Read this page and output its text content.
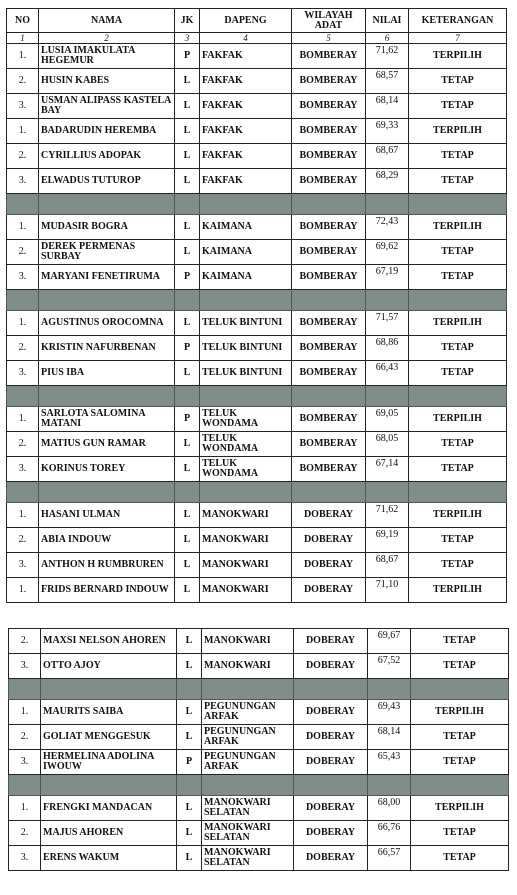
NO	NAMA	JK	DAPENG	WILAYAH ADAT	NILAI	KETERANGAN
1	2	3	4	5	6	7
1.	LUSIA IMAKULATA HEGEMUR	P	FAKFAK	BOMBERAY	71,62	TERPILIH
2.	HUSIN KABES	L	FAKFAK	BOMBERAY	68,57	TETAP
3.	USMAN ALIPASS KASTELA BAY	L	FAKFAK	BOMBERAY	68,14	TETAP
1.	BADARUDIN HEREMBA	L	FAKFAK	BOMBERAY	69,33	TERPILIH
2.	CYRILLIUS ADOPAK	L	FAKFAK	BOMBERAY	68,67	TETAP
3.	ELWADUS TUTUROP	L	FAKFAK	BOMBERAY	68,29	TETAP

1.	MUDASIR BOGRA	L	KAIMANA	BOMBERAY	72,43	TERPILIH
2.	DEREK PERMENAS SURBAY	L	KAIMANA	BOMBERAY	69,62	TETAP
3.	MARYANI FENETIRUMA	P	KAIMANA	BOMBERAY	67,19	TETAP

1.	AGUSTINUS OROCOMNA	L	TELUK BINTUNI	BOMBERAY	71,57	TERPILIH
2.	KRISTIN NAFURBENAN	P	TELUK BINTUNI	BOMBERAY	68,86	TETAP
3.	PIUS IBA	L	TELUK BINTUNI	BOMBERAY	66,43	TETAP

1.	SARLOTA SALOMINA MATANI	P	TELUK WONDAMA	BOMBERAY	69,05	TERPILIH
2.	MATIUS GUN RAMAR	L	TELUK WONDAMA	BOMBERAY	68,05	TETAP
3.	KORINUS TOREY	L	TELUK WONDAMA	BOMBERAY	67,14	TETAP

1.	HASANI ULMAN	L	MANOKWARI	DOBERAY	71,62	TERPILIH
2.	ABIA INDOUW	L	MANOKWARI	DOBERAY	69,19	TETAP
3.	ANTHON H RUMBRUREN	L	MANOKWARI	DOBERAY	68,67	TETAP
1.	FRIDS BERNARD INDOUW	L	MANOKWARI	DOBERAY	71,10	TERPILIH
2.	MAXSI NELSON AHOREN	L	MANOKWARI	DOBERAY	69,67	TETAP
3.	OTTO AJOY	L	MANOKWARI	DOBERAY	67,52	TETAP

1.	MAURITS SAIBA	L	PEGUNUNGAN ARFAK	DOBERAY	69,43	TERPILIH
2.	GOLIAT MENGGESUK	L	PEGUNUNGAN ARFAK	DOBERAY	68,14	TETAP
3.	HERMELINA ADOLINA IWOUW	P	PEGUNUNGAN ARFAK	DOBERAY	65,43	TETAP

1.	FRENGKI MANDACAN	L	MANOKWARI SELATAN	DOBERAY	68,00	TERPILIH
2.	MAJUS AHOREN	L	MANOKWARI SELATAN	DOBERAY	66,76	TETAP
3.	ERENS WAKUM	L	MANOKWARI SELATAN	DOBERAY	66,57	TETAP
